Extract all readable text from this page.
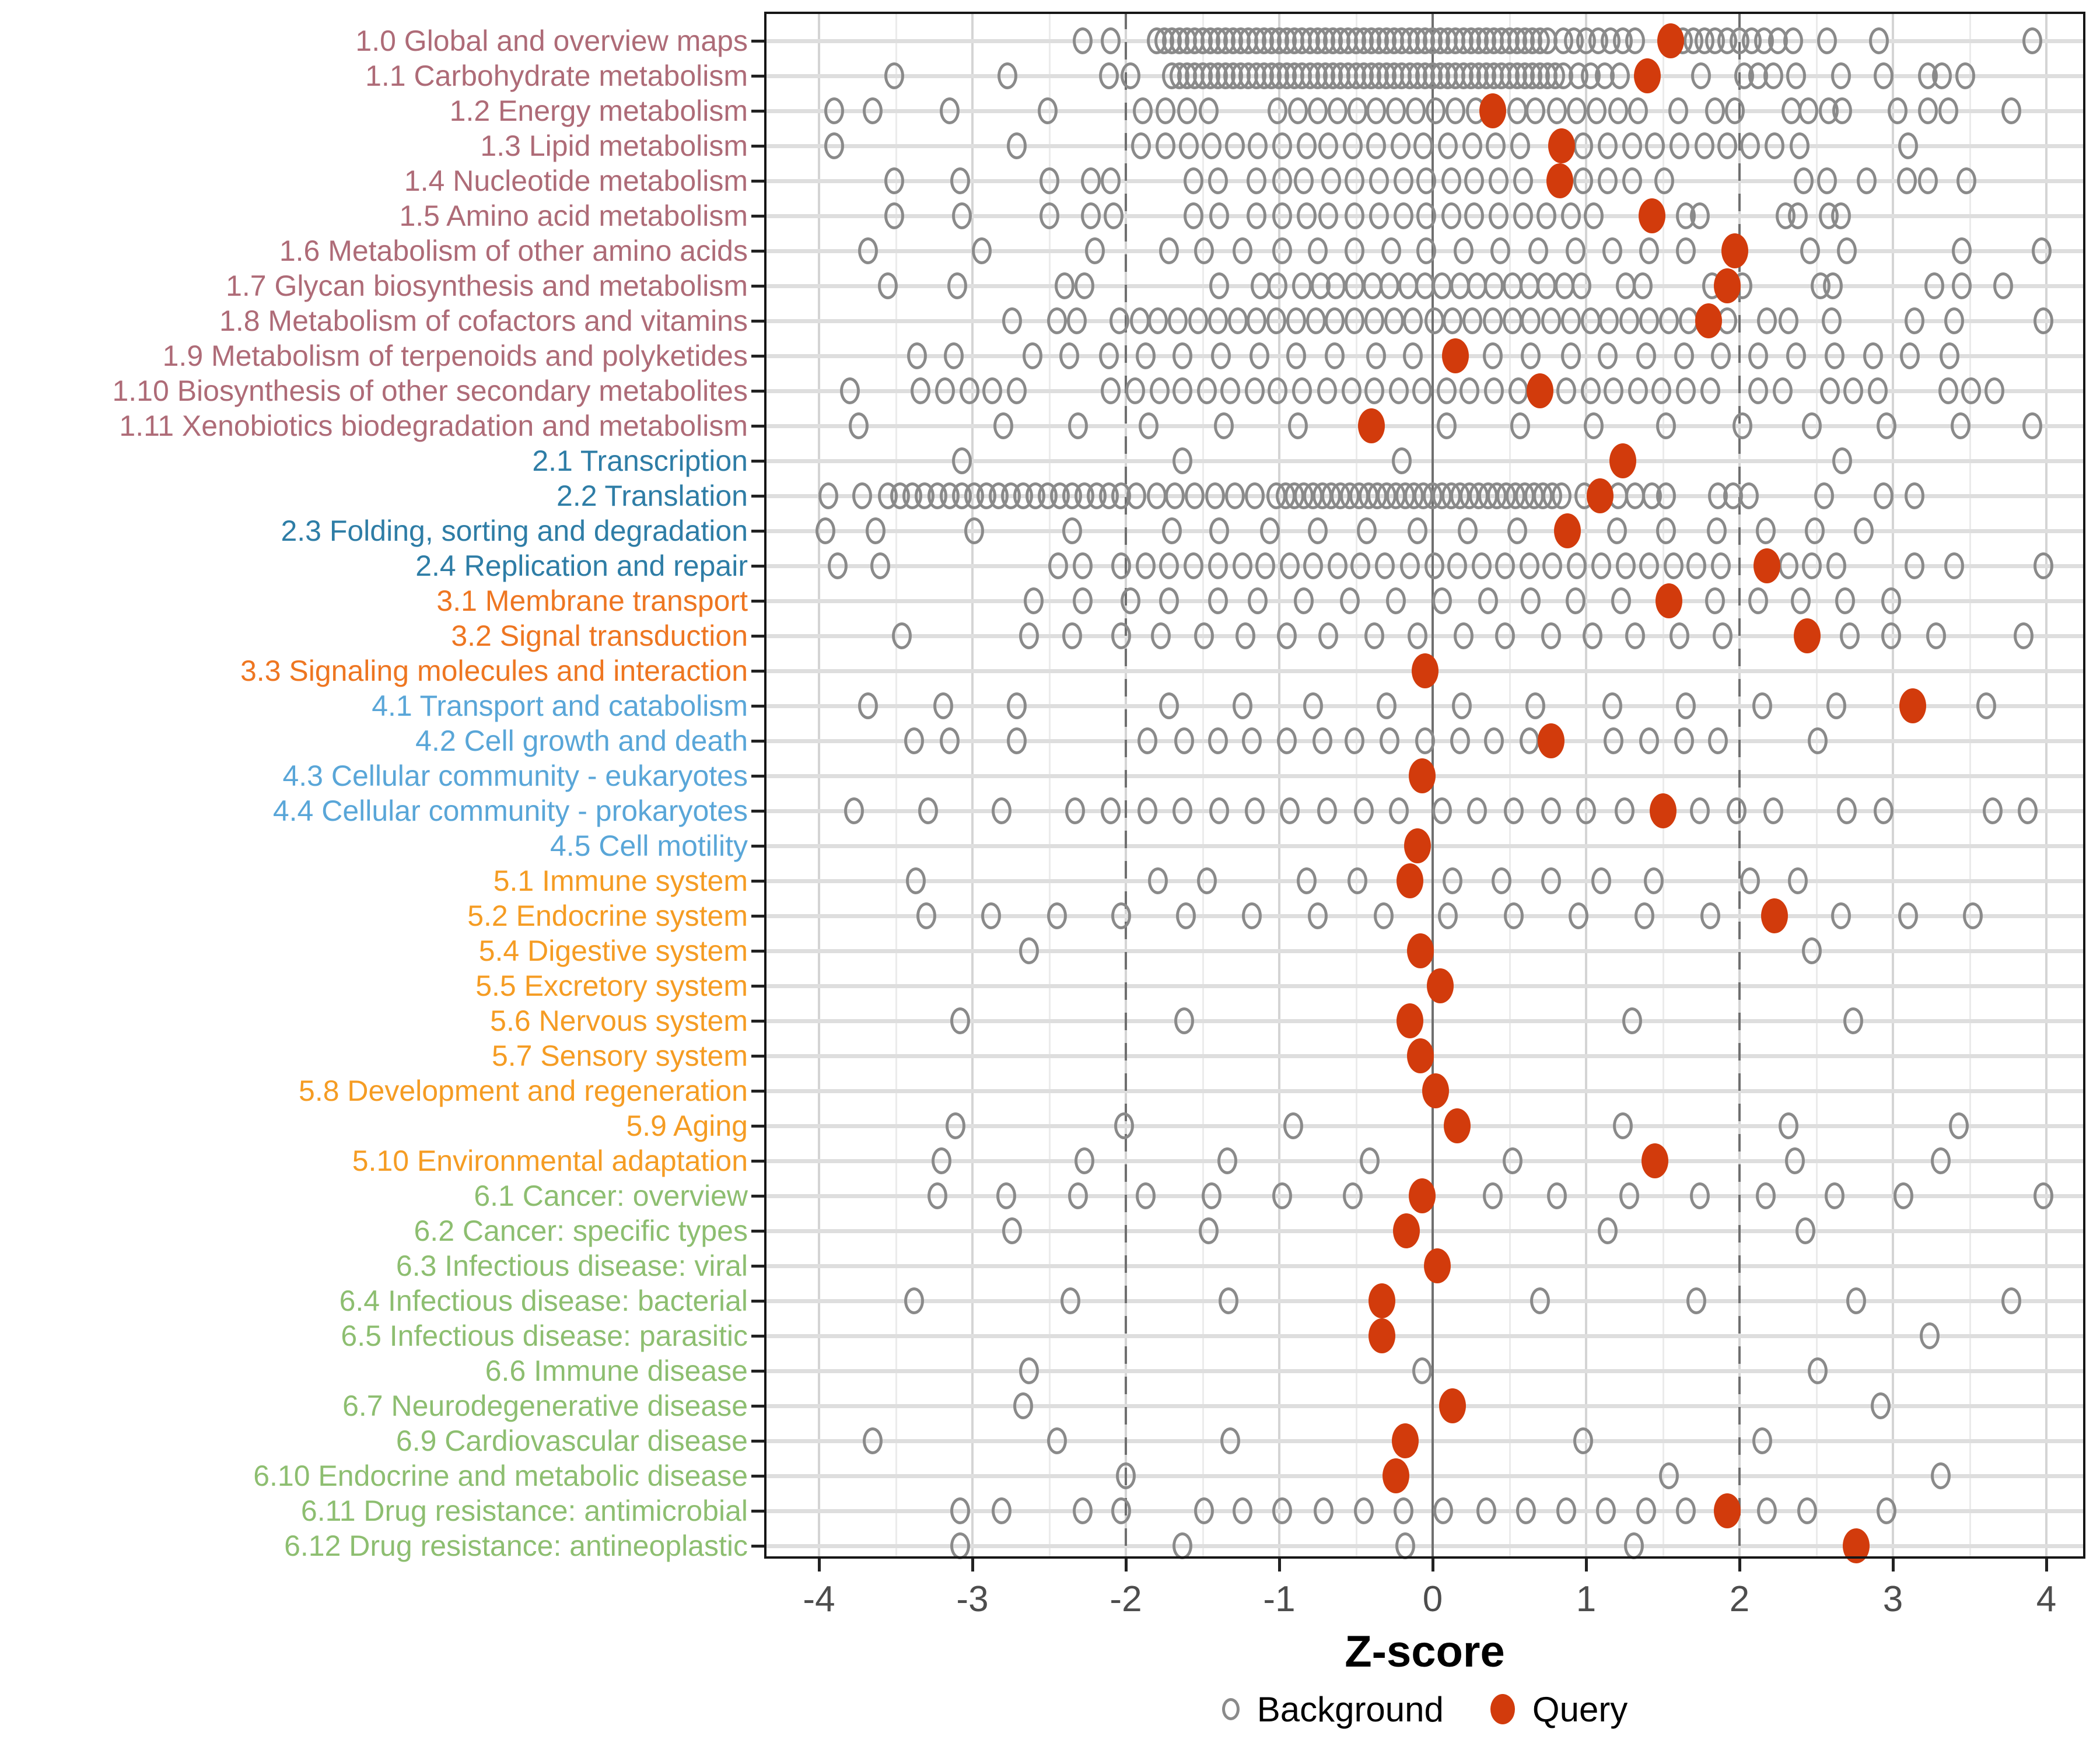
Z-score
Background	Query
1.0 Global and overview maps
1.1 Carbohydrate metabolism
1.2 Energy metabolism
1.3 Lipid metabolism
1.4 Nucleotide metabolism
1.5 Amino acid metabolism
1.6 Metabolism of other amino acids
1.7 Glycan biosynthesis and metabolism
1.8 Metabolism of cofactors and vitamins
1.9 Metabolism of terpenoids and polyketides
1.10 Biosynthesis of other secondary metabolites
1.11 Xenobiotics biodegradation and metabolism
2.1 Transcription
2.2 Translation
2.3 Folding, sorting and degradation
2.4 Replication and repair
3.1 Membrane transport
3.2 Signal transduction
3.3 Signaling molecules and interaction
4.1 Transport and catabolism
4.2 Cell growth and death
4.3 Cellular community - eukaryotes
4.4 Cellular community - prokaryotes
4.5 Cell motility
5.1 Immune system
5.2 Endocrine system
5.4 Digestive system
5.5 Excretory system
5.6 Nervous system
5.7 Sensory system
5.8 Development and regeneration
5.9 Aging
5.10 Environmental adaptation
6.1 Cancer: overview
6.2 Cancer: specific types
6.3 Infectious disease: viral
6.4 Infectious disease: bacterial
6.5 Infectious disease: parasitic
6.6 Immune disease
6.7 Neurodegenerative disease
6.9 Cardiovascular disease
6.10 Endocrine and metabolic disease
6.11 Drug resistance: antimicrobial
6.12 Drug resistance: antineoplastic
-4	-3	-2	-1	0	1	2	3	4
